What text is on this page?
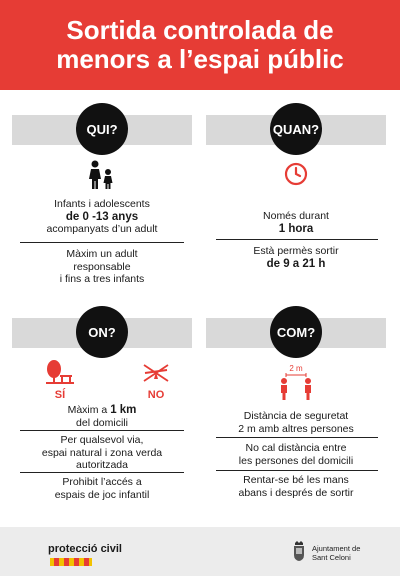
Sortida controlada de
menors a l’espai públic
QUI?
Infants i adolescents
de 0 -13 anys
acompanyats d’un adult
Màxim un adult
responsable
i fins a tres infants
QUAN?
Només durant
1 hora
Està permès sortir
de 9 a 21 h
ON?
SÍ	NO
Màxim a 1 km
del domicili
Per qualsevol via,
espai natural i zona verda
autoritzada
Prohibit l’accés a
espais de joc infantil
COM?
2 m
Distància de seguretat
2 m amb altres persones
No cal distància entre
les persones del domicili
Rentar-se bé les mans
abans i després de sortir
protecció civil	Ajuntament de
Sant Celoni
